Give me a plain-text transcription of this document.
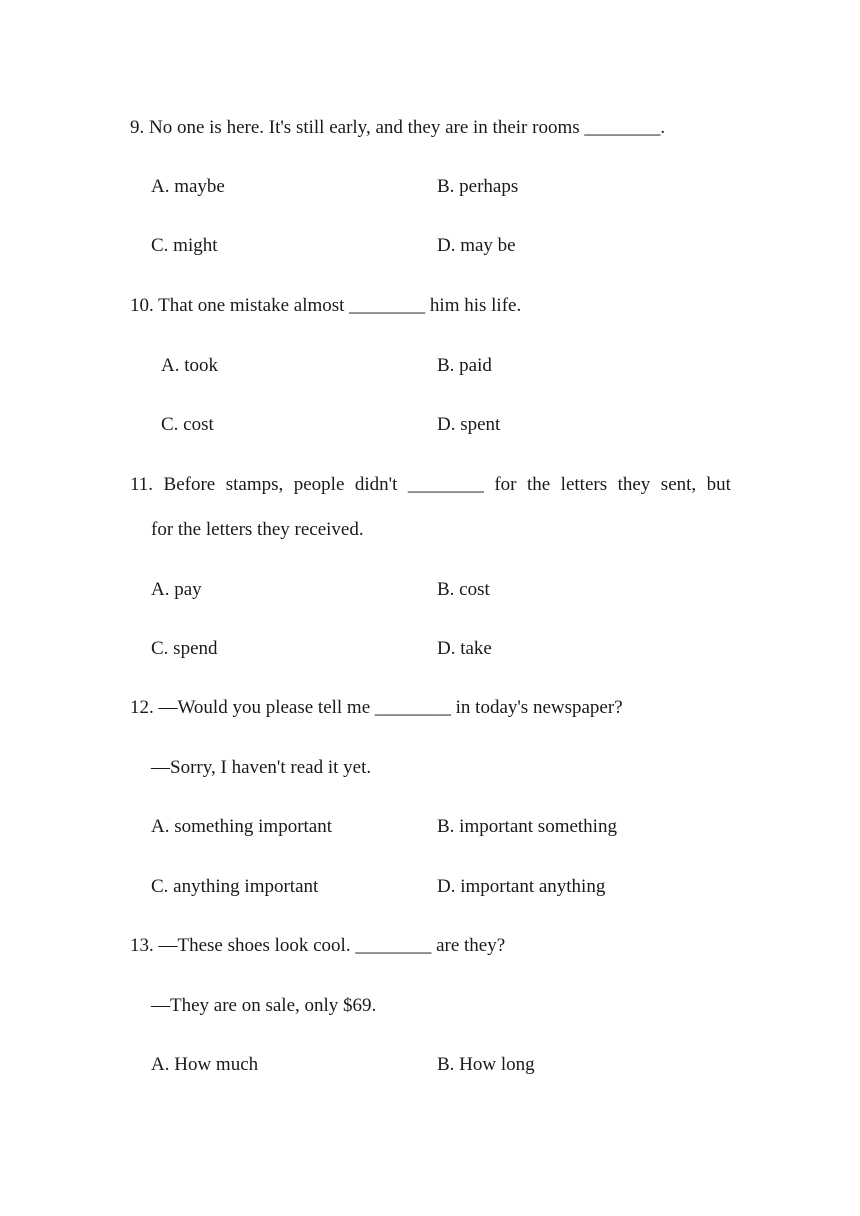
9. No one is here. It's still early, and they are in their rooms ________.
A. maybe	B. perhaps
C. might	D. may be
10. That one mistake almost ________ him his life.
A. took	B. paid
C. cost	D. spent
11. Before stamps, people didn't ________ for the letters they sent, but
for the letters they received.
A. pay	B. cost
C. spend	D. take
12. —Would you please tell me ________ in today's newspaper?
—Sorry, I haven't read it yet.
A. something important	B. important something
C. anything important	D. important anything
13. —These shoes look cool. ________ are they?
—They are on sale, only $69.
A. How much	B. How long
